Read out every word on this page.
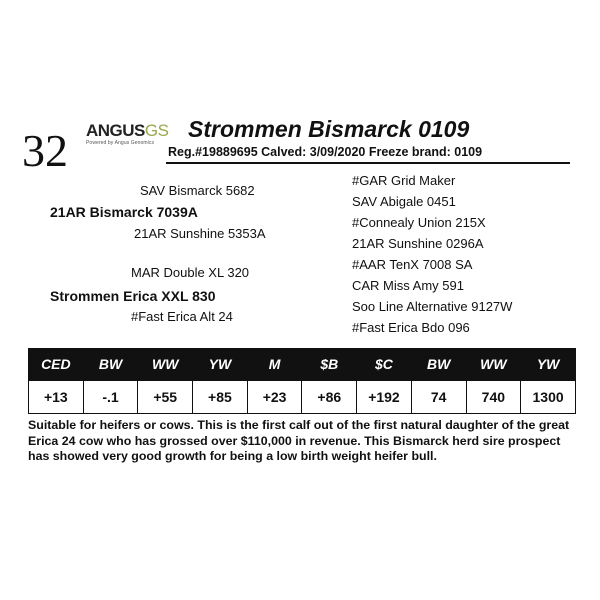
32 ANGUSGS
Powered by Angus Genomics
Strommen Bismarck 0109
Reg.#19889695 Calved: 3/09/2020 Freeze brand: 0109
SAV Bismarck 5682
21AR Bismarck 7039A
21AR Sunshine 5353A
MAR Double XL 320
Strommen Erica XXL 830
#Fast Erica Alt 24
#GAR Grid Maker
SAV Abigale 0451
#Connealy Union 215X
21AR Sunshine 0296A
#AAR TenX 7008 SA
CAR Miss Amy 591
Soo Line Alternative 9127W
#Fast Erica Bdo 096
CED	BW	WW	YW	M	$B	$C	BW	WW	YW
+13	-.1	+55	+85	+23	+86	+192	74	740	1300
Suitable for heifers or cows. This is the first calf out of the first natural daughter of the great Erica 24 cow who has grossed over $110,000 in revenue. This Bismarck herd sire prospect has showed very good growth for being a low birth weight heifer bull.
